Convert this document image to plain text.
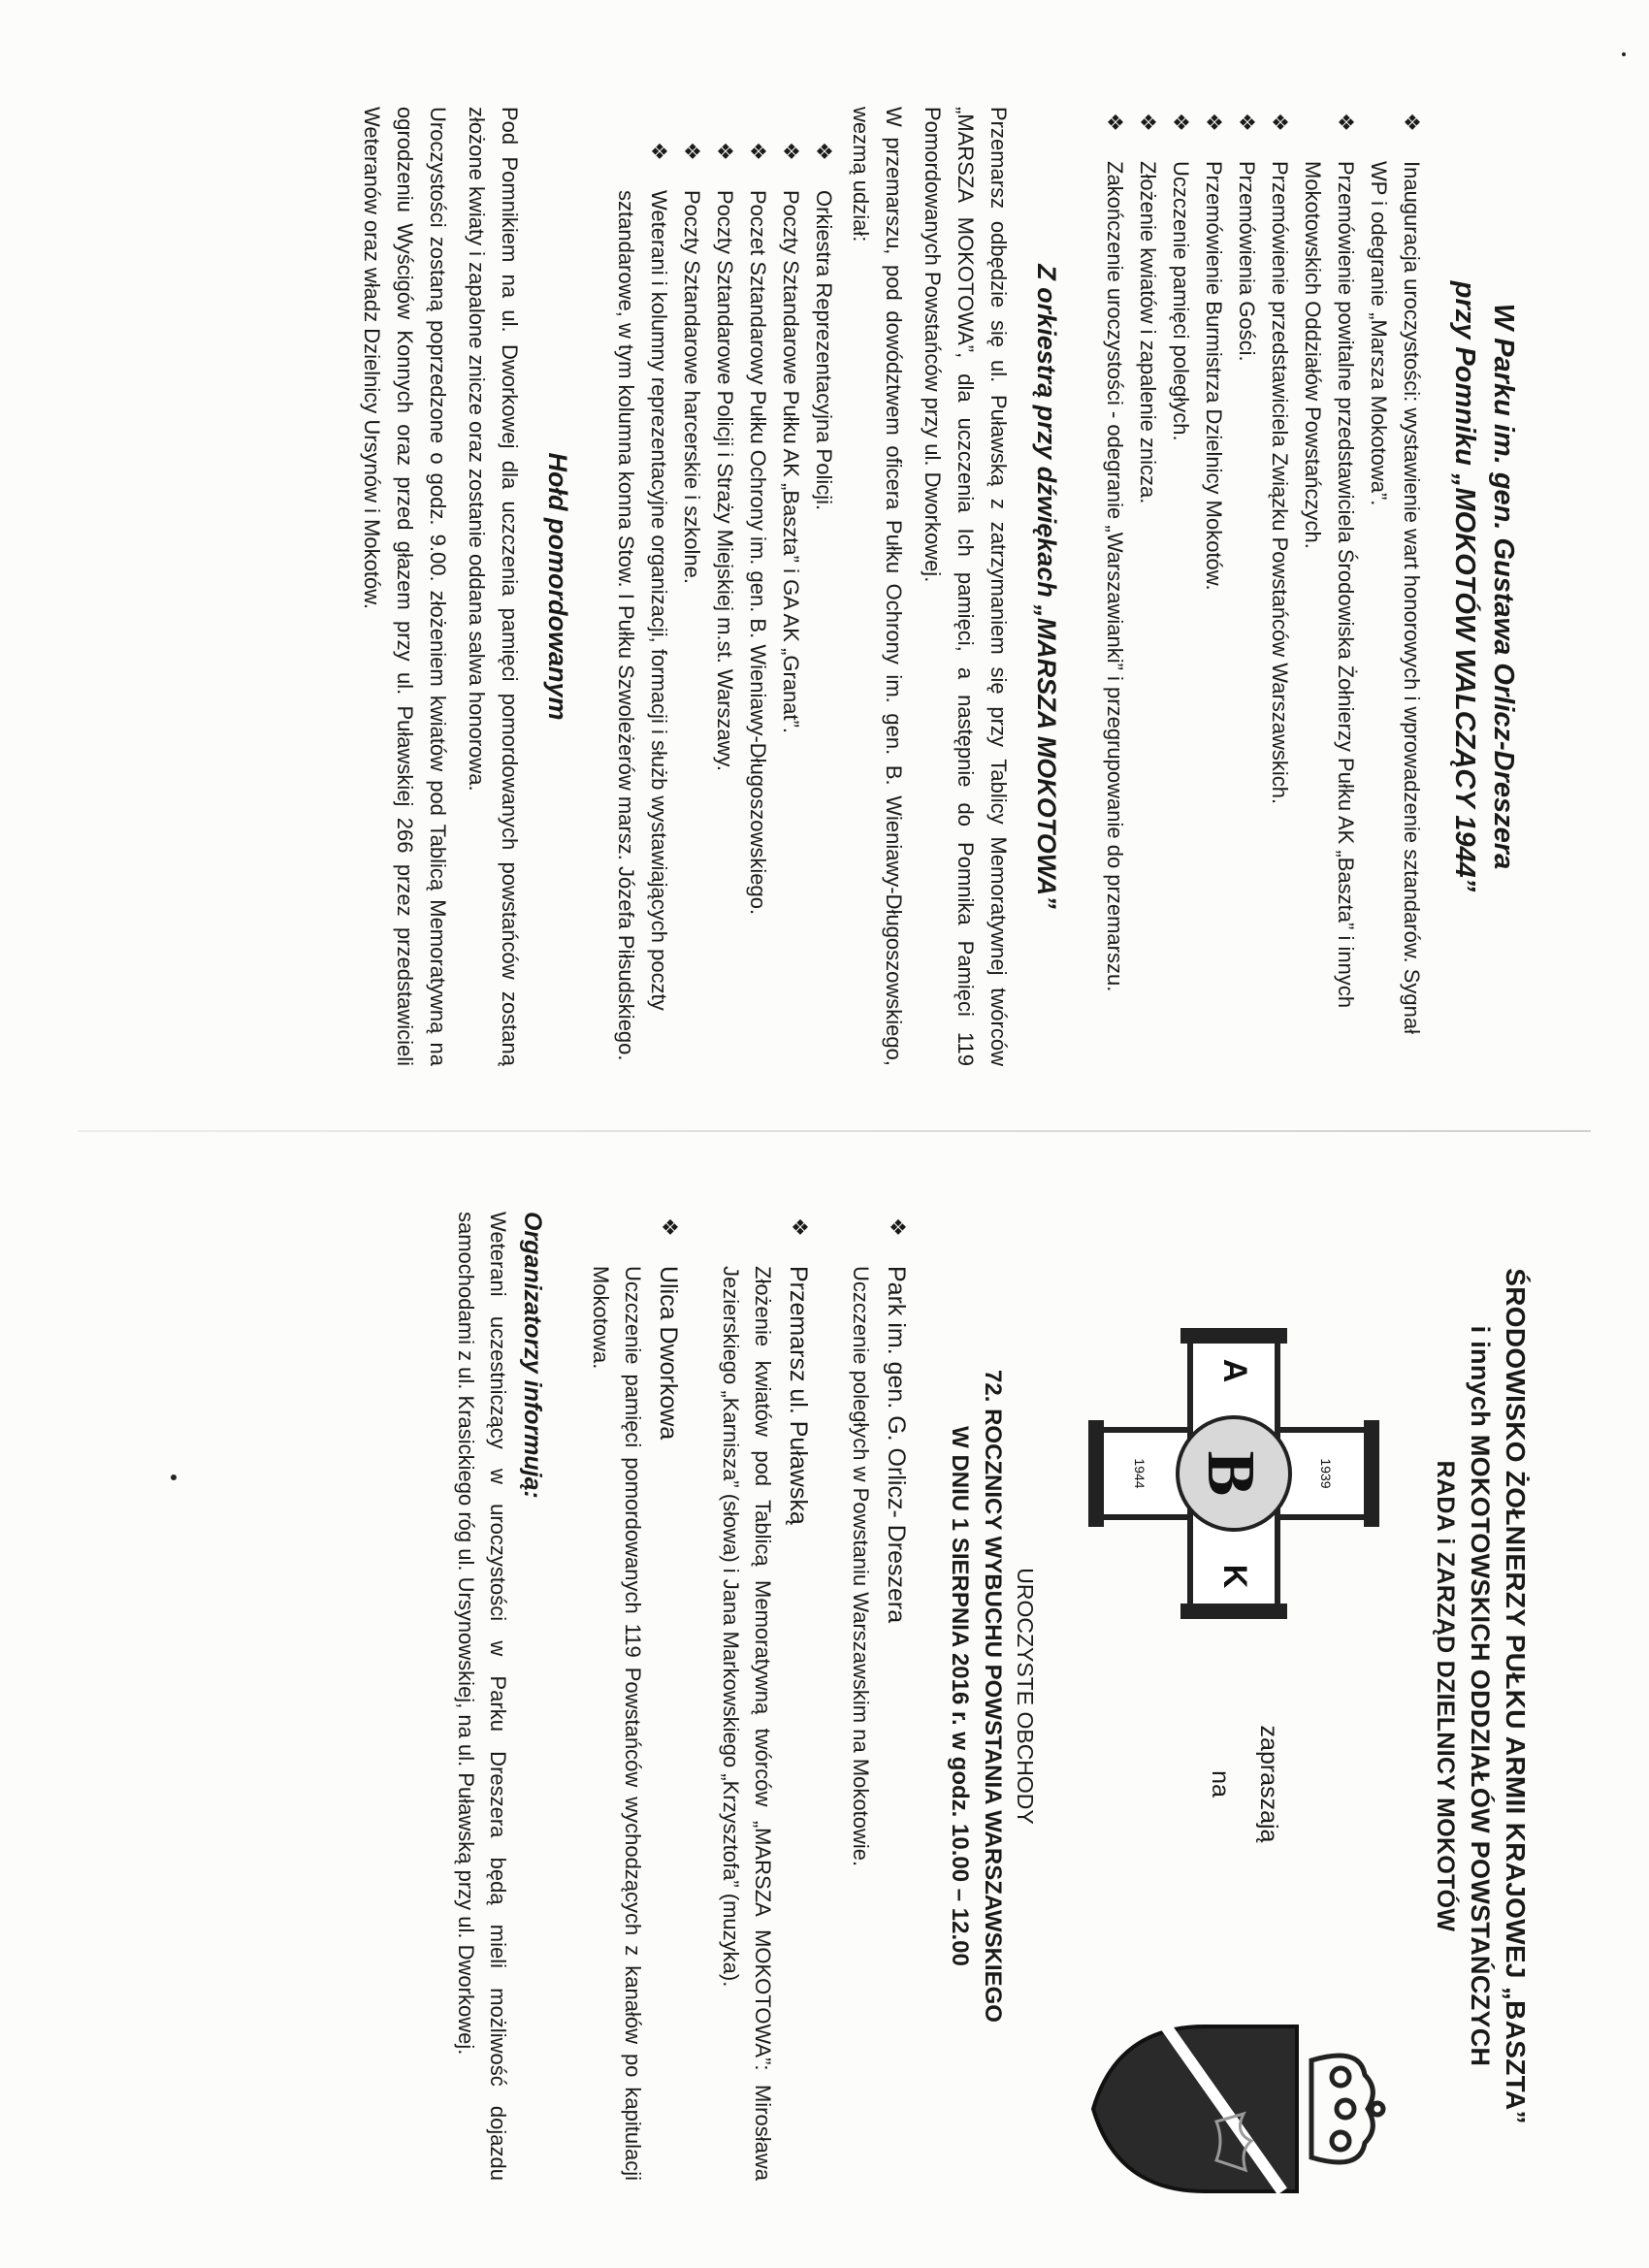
W Parku im. gen. Gustawa Orlicz-Dreszera

przy Pomniku „MOKOTÓW WALCZĄCY 1944”

❖
Inauguracja uroczystości: wystawienie wart honorowych i wprowadzenie sztandarów. Sygnał WP i odegranie „Marsza Mokotowa”.
❖
Przemówienie powitalne przedstawiciela Środowiska Żołnierzy Pułku AK „Baszta” i innych Mokotowskich Oddziałów Powstańczych.
❖
Przemówienie przedstawiciela Związku Powstańców Warszawskich.
❖
Przemówienia Gości.
❖
Przemówienie Burmistrza Dzielnicy Mokotów.
❖
Uczczenie pamięci poległych.
❖
Złożenie kwiatów i zapalenie znicza.
❖
Zakończenie uroczystości - odegranie „Warszawianki” i przegrupowanie do przemarszu.

Z orkiestrą przy dźwiękach „MARSZA MOKOTOWA”

Przemarsz odbędzie się ul. Puławską z zatrzymaniem się przy Tablicy Memoratywnej twórców „MARSZA MOKOTOWA”, dla uczczenia Ich pamięci, a następnie do Pomnika Pamięci 119 Pomordowanych Powstańców przy ul. Dworkowej.

W przemarszu, pod dowództwem oficera Pułku Ochrony im. gen. B. Wieniawy-Długoszowskiego, wezmą udział:

❖
Orkiestra Reprezentacyjna Policji.
❖
Poczty Sztandarowe Pułku AK „Baszta” i GA AK „Granat”.
❖
Poczet Sztandarowy Pułku Ochrony im. gen. B. Wieniawy-Długoszowskiego.
❖
Poczty Sztandarowe Policji i Straży Miejskiej m.st. Warszawy.
❖
Poczty Sztandarowe harcerskie i szkolne.
❖
Weterani i kolumny reprezentacyjne organizacji, formacji i służb wystawiających poczty sztandarowe, w tym kolumna konna Stow. I Pułku Szwoleżerów marsz. Józefa Piłsudskiego.

Hołd pomordowanym

Pod Pomnikiem na ul. Dworkowej dla uczczenia pamięci pomordowanych powstańców zostaną złożone kwiaty i zapalone znicze oraz zostanie oddana salwa honorowa.

Uroczystości zostaną poprzedzone o godz. 9.00. złożeniem kwiatów pod Tablicą Memoratywną na ogrodzeniu Wyścigów Konnych oraz przed głazem przy ul. Puławskiej 266 przez przedstawicieli Weteranów oraz władz Dzielnicy Ursynów i Mokotów.

ŚRODOWISKO ŻOŁNIERZY PUŁKU ARMII KRAJOWEJ „BASZTA”

i innych MOKOTOWSKICH ODDZIAŁÓW POWSTAŃCZYCH

RADA i ZARZĄD DZIELNICY MOKOTÓW

B
A
K
1939
1944
zapraszają
na

UROCZYSTE OBCHODY

72. ROCZNICY WYBUCHU POWSTANIA WARSZAWSKIEGO

W DNIU 1 SIERPNIA 2016 r. w godz. 10.00 – 12.00

❖

Park im. gen. G. Orlicz- Dreszera

Uczczenie poległych w Powstaniu Warszawskim na Mokotowie.

❖

Przemarsz ul. Puławską

Złożenie kwiatów pod Tablicą Memoratywną twórców „MARSZA MOKOTOWA”: Mirosława Jezierskiego „Karnisza” (słowa) i Jana Markowskiego „Krzysztofa” (muzyka).

❖

Ulica Dworkowa

Uczczenie pamięci pomordowanych 119 Powstańców wychodzących z kanałów po kapitulacji Mokotowa.

Organizatorzy informują:

Weterani uczestniczący w uroczystości w Parku Dreszera będą mieli możliwość dojazdu samochodami z ul. Krasickiego róg ul. Ursynowskiej, na ul. Puławską przy ul. Dworkowej.
